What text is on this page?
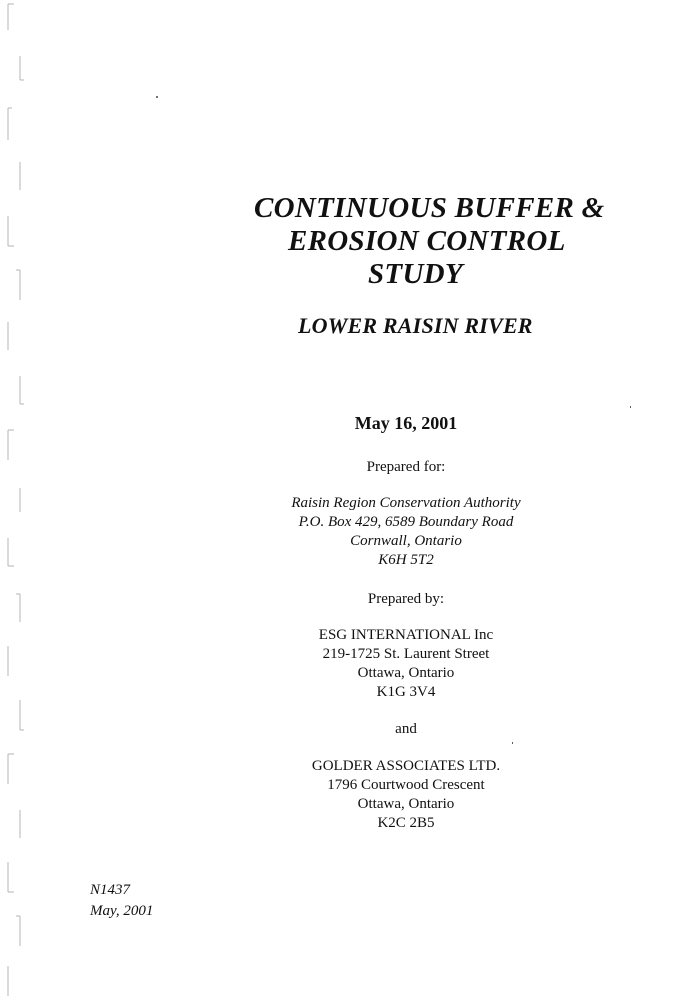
CONTINUOUS BUFFER &
EROSION CONTROL
STUDY
LOWER RAISIN RIVER
May 16, 2001
Prepared for:
Raisin Region Conservation Authority
P.O. Box 429, 6589 Boundary Road
Cornwall, Ontario
K6H 5T2
Prepared by:
ESG INTERNATIONAL Inc
219-1725 St. Laurent Street
Ottawa, Ontario
K1G 3V4
and
GOLDER ASSOCIATES LTD.
1796 Courtwood Crescent
Ottawa, Ontario
K2C 2B5
N1437
May, 2001
